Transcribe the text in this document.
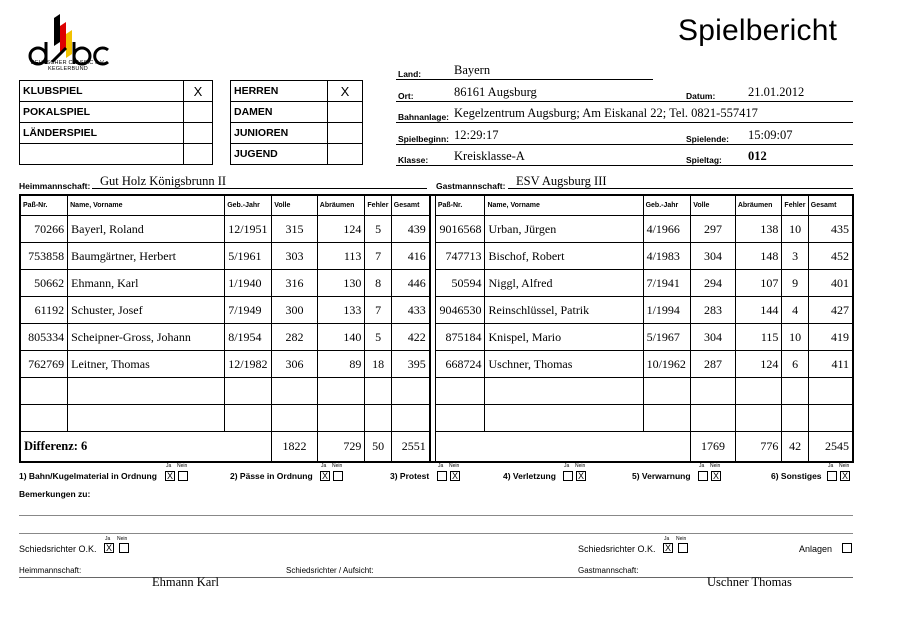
DEUTSCHER CLASSIC e.V.
KEGLERBUND
Spielbericht
KLUBSPIEL	X
POKALSPIEL	
LÄNDERSPIEL	

HERREN	X
DAMEN	
JUNIOREN	
JUGEND	
Land:	Bayern
Ort:	86161 Augsburg	Datum:	21.01.2012
Bahnanlage: Kegelzentrum Augsburg; Am Eiskanal 22; Tel. 0821-557417
Spielbeginn: 12:29:17	Spielende: 15:09:07
Klasse: Kreisklasse-A	Spieltag: 012
Heimmannschaft: Gut Holz Königsbrunn II	Gastmannschaft: ESV Augsburg III
Paß-Nr.	Name, Vorname	Geb.-Jahr	Volle	Abräumen	Fehler	Gesamt		Paß-Nr.	Name, Vorname	Geb.-Jahr	Volle	Abräumen	Fehler	Gesamt
70266	Bayerl, Roland	12/1951	315	124	5	439		9016568	Urban, Jürgen	4/1966	297	138	10	435
753858	Baumgärtner, Herbert	5/1961	303	113	7	416		747713	Bischof, Robert	4/1983	304	148	3	452
50662	Ehmann, Karl	1/1940	316	130	8	446		50594	Niggl, Alfred	7/1941	294	107	9	401
61192	Schuster, Josef	7/1949	300	133	7	433		9046530	Reinschlüssel, Patrik	1/1994	283	144	4	427
805334	Scheipner-Gross, Johann	8/1954	282	140	5	422		875184	Knispel, Mario	5/1967	304	115	10	419
762769	Leitner, Thomas	12/1982	306	89	18	395		668724	Uschner, Thomas	10/1962	287	124	6	411

Differenz: 6			1822	729	50	2551					1769	776	42	2545
1) Bahn/Kugelmaterial in Ordnung
Ja
X
Nein
2) Pässe in Ordnung
Ja
X
Nein
3) Protest
Ja Nein
X	4) Verletzung
Ja Nein
X	5) Verwarnung
Ja Nein
X	6) Sonstiges
Ja Nein
X
Bemerkungen zu:
Schiedsrichter O.K.
Ja Nein
X	Schiedsrichter O.K.
Ja Nein
X	Anlagen
Heimmannschaft:
Ehmann Karl
Schiedsrichter / Aufsicht:	Gastmannschaft:
Uschner Thomas
